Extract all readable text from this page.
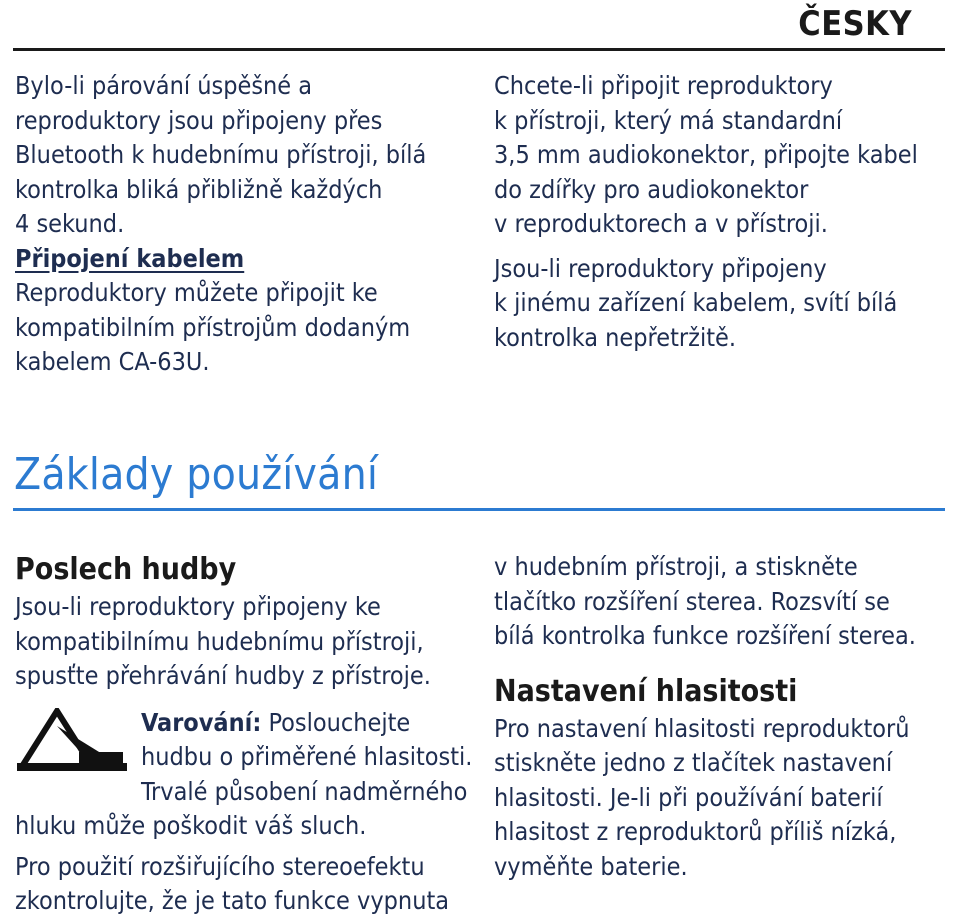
ČESKY

Bylo-li párování úspěšné a
reproduktory jsou připojeny přes
Bluetooth k hudebnímu přístroji, bílá
kontrolka bliká přibližně každých
4 sekund.

Připojení kabelem

Reproduktory můžete připojit ke
kompatibilním přístrojům dodaným
kabelem CA-63U.

Chcete-li připojit reproduktory
k přístroji, který má standardní
3,5 mm audiokonektor, připojte kabel
do zdířky pro audiokonektor
v reproduktorech a v přístroji.

Jsou-li reproduktory připojeny
k jinému zařízení kabelem, svítí bílá
kontrolka nepřetržitě.

Základy používání
Poslech hudby

Jsou-li reproduktory připojeny ke
kompatibilnímu hudebnímu přístroji,
spusťte přehrávání hudby z přístroje.

Varování: Poslouchejte
hudbu o přiměřené hlasitosti.
Trvalé působení nadměrného
hluku může poškodit váš sluch.

Pro použití rozšiřujícího stereoefektu
zkontrolujte, že je tato funkce vypnuta

v hudebním přístroji, a stiskněte
tlačítko rozšíření sterea. Rozsvítí se
bílá kontrolka funkce rozšíření sterea.

Nastavení hlasitosti

Pro nastavení hlasitosti reproduktorů
stiskněte jedno z tlačítek nastavení
hlasitosti. Je-li při používání baterií
hlasitost z reproduktorů příliš nízká,
vyměňte baterie.
